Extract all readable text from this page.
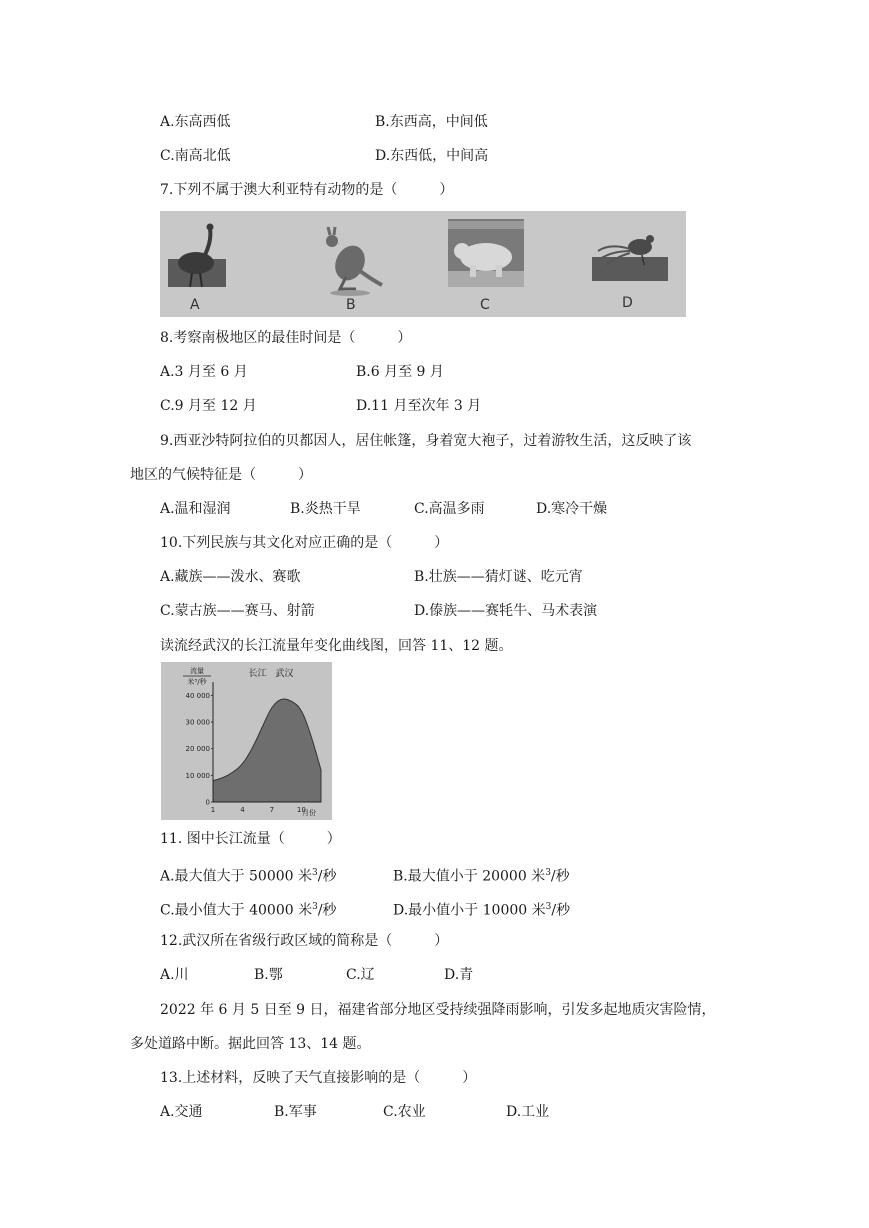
A.东高西低	B.东西高，中间低
C.南高北低	D.东西低，中间高
7.下列不属于澳大利亚特有动物的是（　　　）
A	B	C	D
8.考察南极地区的最佳时间是（　　　）
A.3 月至 6 月	B.6 月至 9 月
C.9 月至 12 月	D.11 月至次年 3 月
9.西亚沙特阿拉伯的贝都因人，居住帐篷，身着宽大袍子，过着游牧生活，这反映了该
地区的气候特征是（　　　）
A.温和湿润	B.炎热干旱	C.高温多雨	D.寒冷干燥
10.下列民族与其文化对应正确的是（　　　）
A.藏族——泼水、赛歌	B.壮族——猜灯谜、吃元宵
C.蒙古族——赛马、射箭	D.傣族——赛牦牛、马术表演
读流经武汉的长江流量年变化曲线图，回答 11、12 题。
流量
米³/秒
长江　武汉
月份
40 000
30 000
20 000
10 000
0
1	4	7	10
11. 图中长江流量（　　　）
A.最大值大于 50000 米$^3$/秒	B.最大值小于 20000 米$^3$/秒
C.最小值大于 40000 米$^3$/秒	D.最小值小于 10000 米$^3$/秒
12.武汉所在省级行政区域的简称是（　　　）
A.川	B.鄂	C.辽	D.青
2022 年 6 月 5 日至 9 日，福建省部分地区受持续强降雨影响，引发多起地质灾害险情，
多处道路中断。据此回答 13、14 题。
13.上述材料，反映了天气直接影响的是（　　　）
A.交通	B.军事	C.农业	D.工业
